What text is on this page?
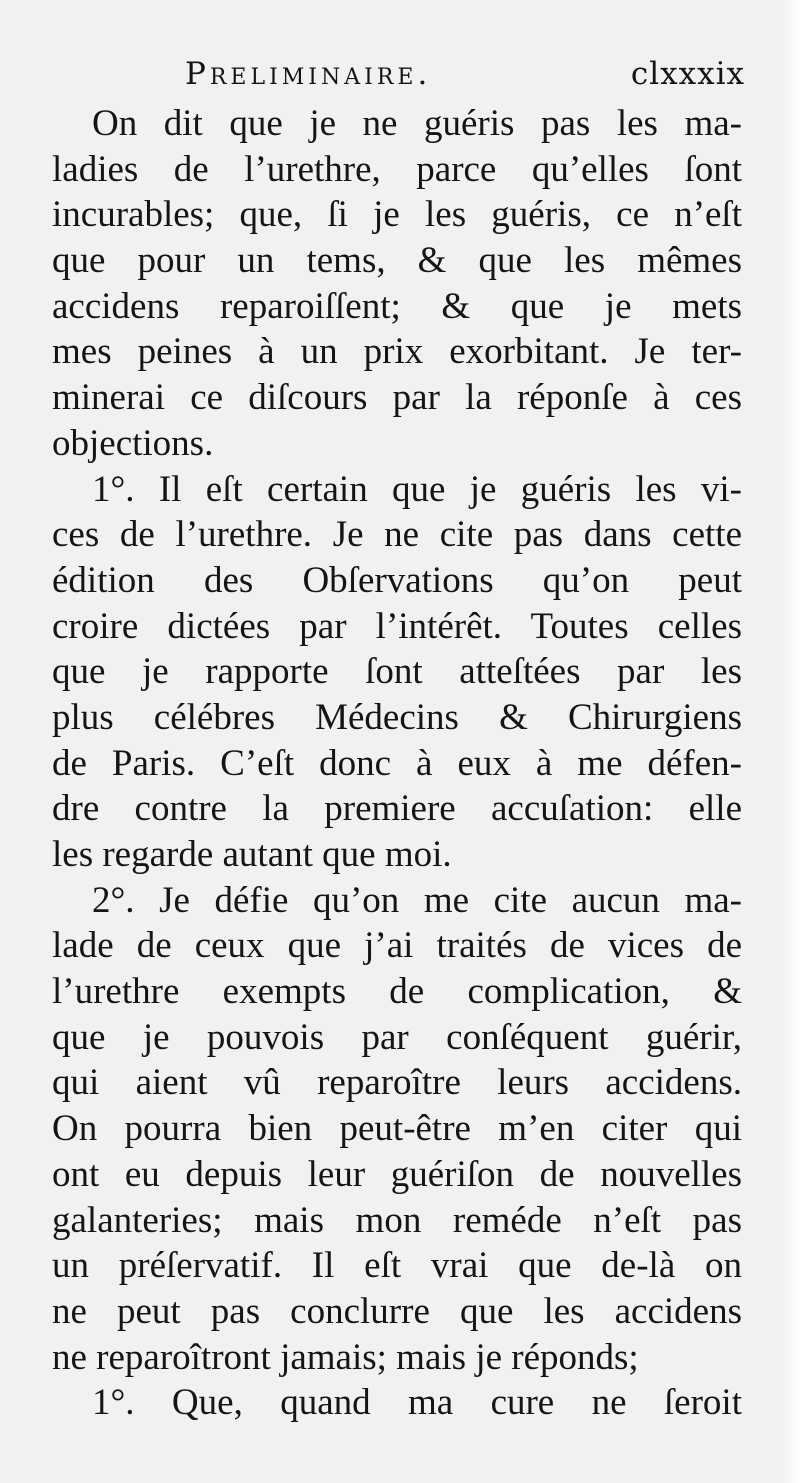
Preliminaire.	clxxxix
On dit que je ne guéris pas les ma-
ladies de l’urethre, parce qu’elles ſont
incurables; que, ſi je les guéris, ce n’eſt
que pour un tems, & que les mêmes
accidens reparoiſſent; & que je mets
mes peines à un prix exorbitant. Je ter-
minerai ce diſcours par la réponſe à ces
objections.
1°. Il eſt certain que je guéris les vi-
ces de l’urethre. Je ne cite pas dans cette
édition des Obſervations qu’on peut
croire dictées par l’intérêt. Toutes celles
que je rapporte ſont atteſtées par les
plus célébres Médecins & Chirurgiens
de Paris. C’eſt donc à eux à me défen-
dre contre la premiere accuſation: elle
les regarde autant que moi.
2°. Je défie qu’on me cite aucun ma-
lade de ceux que j’ai traités de vices de
l’urethre exempts de complication, &
que je pouvois par conſéquent guérir,
qui aient vû reparoître leurs accidens.
On pourra bien peut-être m’en citer qui
ont eu depuis leur guériſon de nouvelles
galanteries; mais mon reméde n’eſt pas
un préſervatif. Il eſt vrai que de-là on
ne peut pas conclurre que les accidens
ne reparoîtront jamais; mais je réponds;
1°. Que, quand ma cure ne ſeroit
